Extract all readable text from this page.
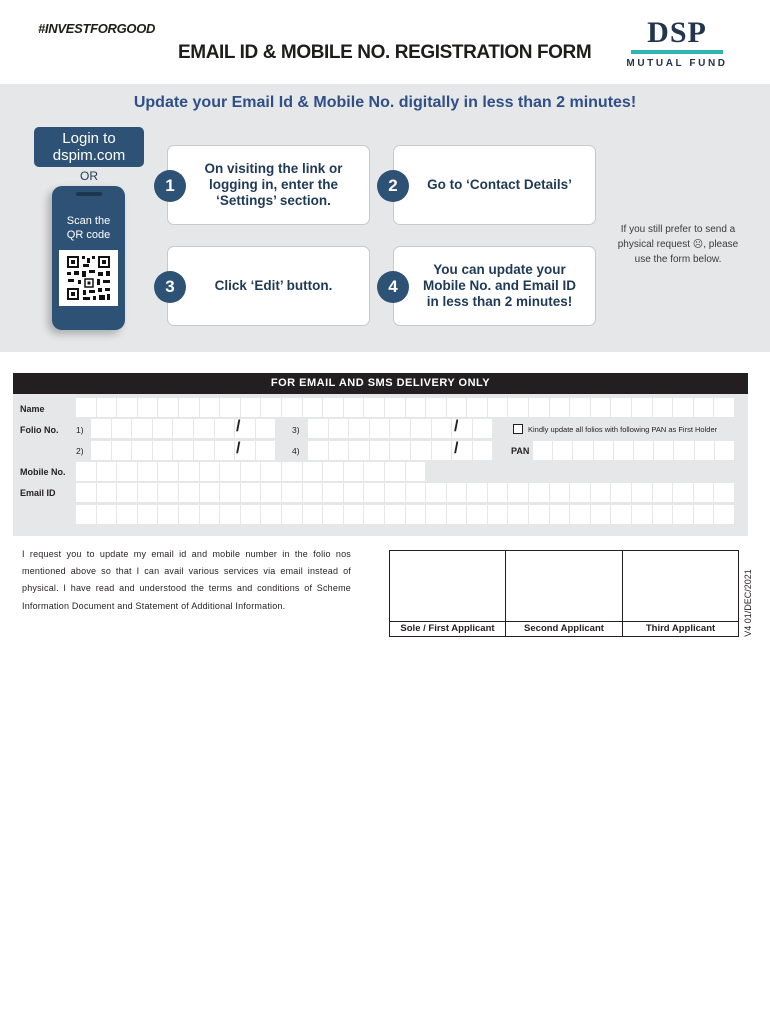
#INVESTFORGOOD
EMAIL ID & MOBILE NO. REGISTRATION FORM
DSP
MUTUAL FUND
Update your Email Id & Mobile No. digitally in less than 2 minutes!
Login to
dspim.com
OR
Scan the
QR code
On visiting the link or logging in, enter the ‘Settings’ section.
1	Go to ‘Contact Details’
2
Click ‘Edit’ button.
3
You can update your Mobile No. and Email ID in less than 2 minutes!
4
If you still prefer to send a physical request ☹, please use the form below.
FOR EMAIL AND SMS DELIVERY ONLY
Name
Folio No. 1)	/	3)	/	Kindly update all folios with following PAN as First Holder
2)	/	4)	/	PAN
Mobile No.
Email ID
I request you to update my email id and mobile number in the folio nos mentioned above so that I can avail various services via email instead of physical. I have read and understood the terms and conditions of Scheme Information Document and Statement of Additional Information.
Sole / First Applicant	Second Applicant	Third Applicant	V4 01/DEC/2021
